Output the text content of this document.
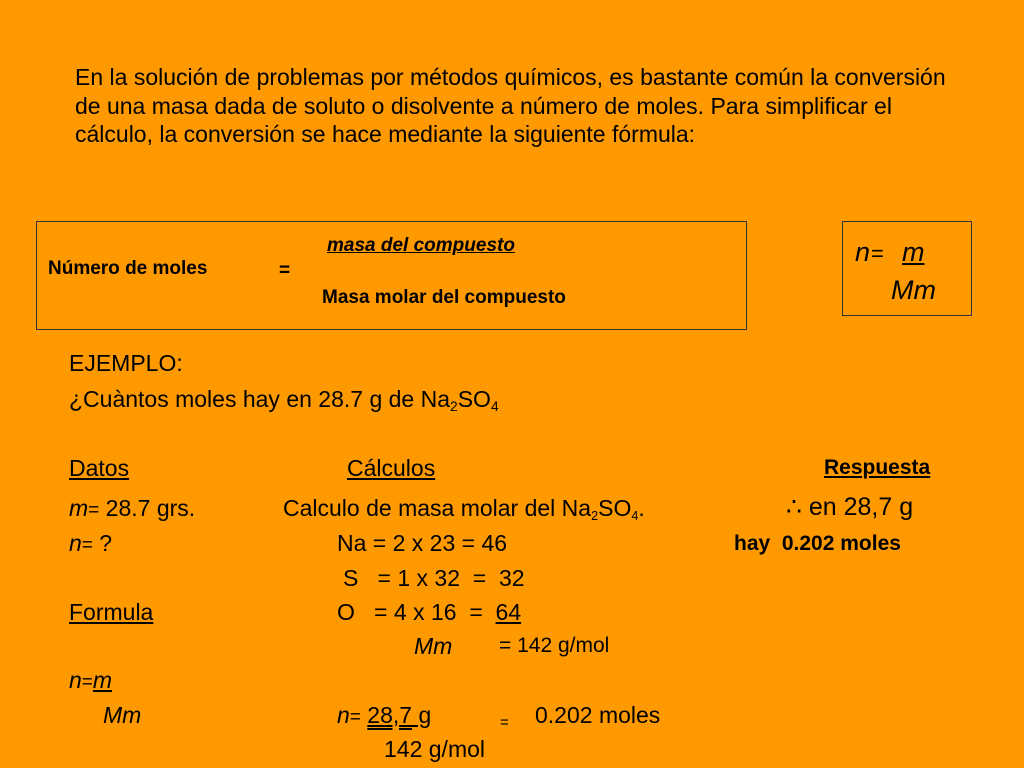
En la solución de problemas por métodos químicos, es bastante común la conversión de una masa dada de soluto o disolvente a número de moles. Para simplificar el cálculo, la conversión se hace mediante la siguiente fórmula:
Número de moles	=
masa del compuesto
Masa molar del compuesto
n = m
Mm
EJEMPLO:
¿Cuàntos moles hay en 28.7 g de $Na_2SO_4$
Datos	Cálculos	Respuesta
m= 28.7 grs.
n= ?
Formula
n=m
Mm
Calculo de masa molar del $Na_2SO_4$.
Na = 2 x 23 = 46
S   = 1 x 32  =  32
O   = 4 x 16  =  64
Mm = 142 g/mol
n= 28,7 g	= 0.202 moles
142 g/mol
∴ en 28,7 g
hay  0.202 moles
